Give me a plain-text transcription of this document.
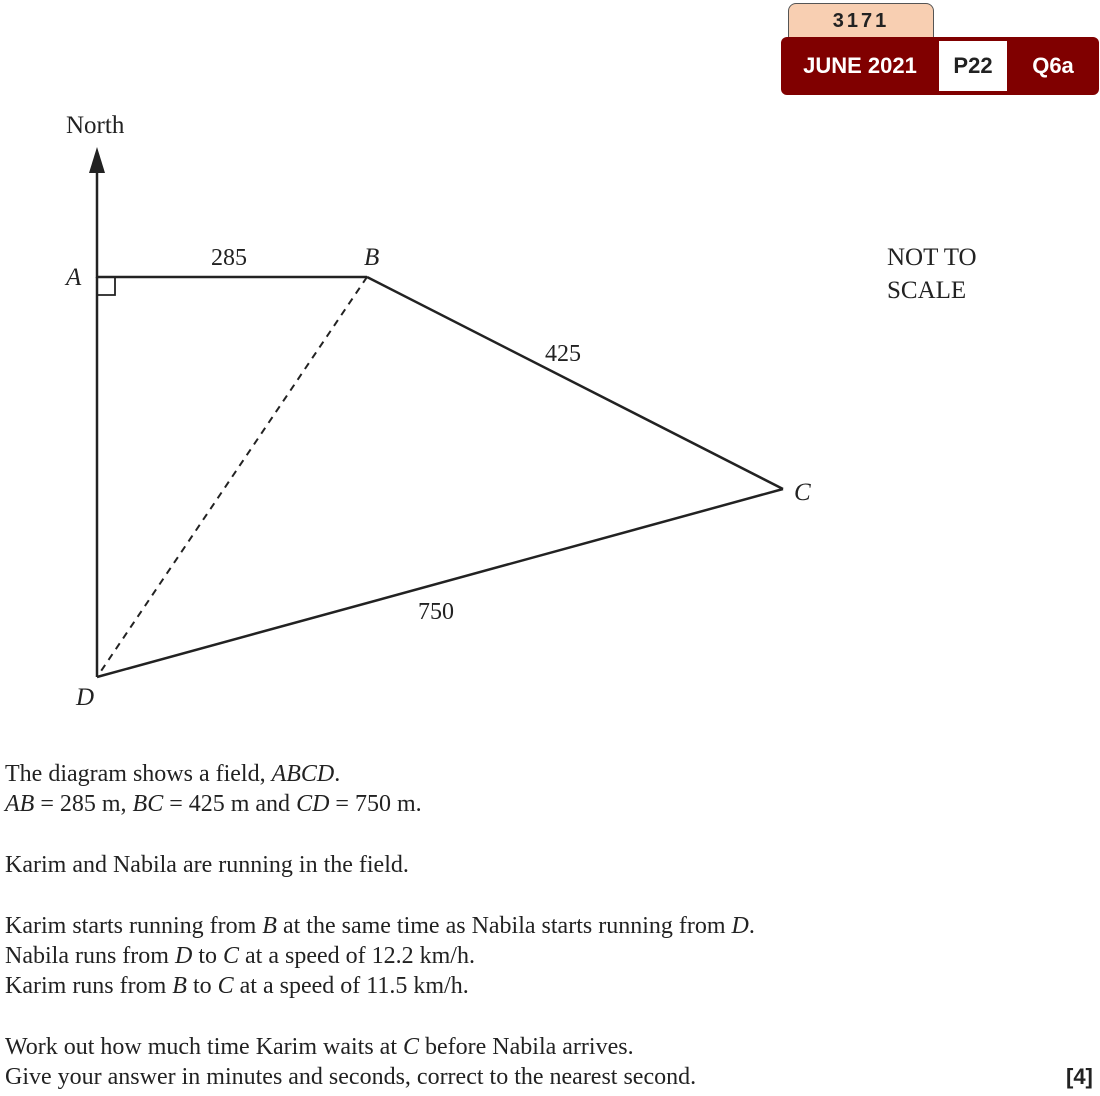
3171
JUNE 2021	P22	Q6a
North
A
B
C
D
285
425
750
NOT TO
SCALE
The diagram shows a field, ABCD.
AB = 285 m, BC = 425 m and CD = 750 m.
Karim and Nabila are running in the field.
Karim starts running from B at the same time as Nabila starts running from D.
Nabila runs from D to C at a speed of 12.2 km/h.
Karim runs from B to C at a speed of 11.5 km/h.
Work out how much time Karim waits at C before Nabila arrives.
Give your answer in minutes and seconds, correct to the nearest second.	[4]
